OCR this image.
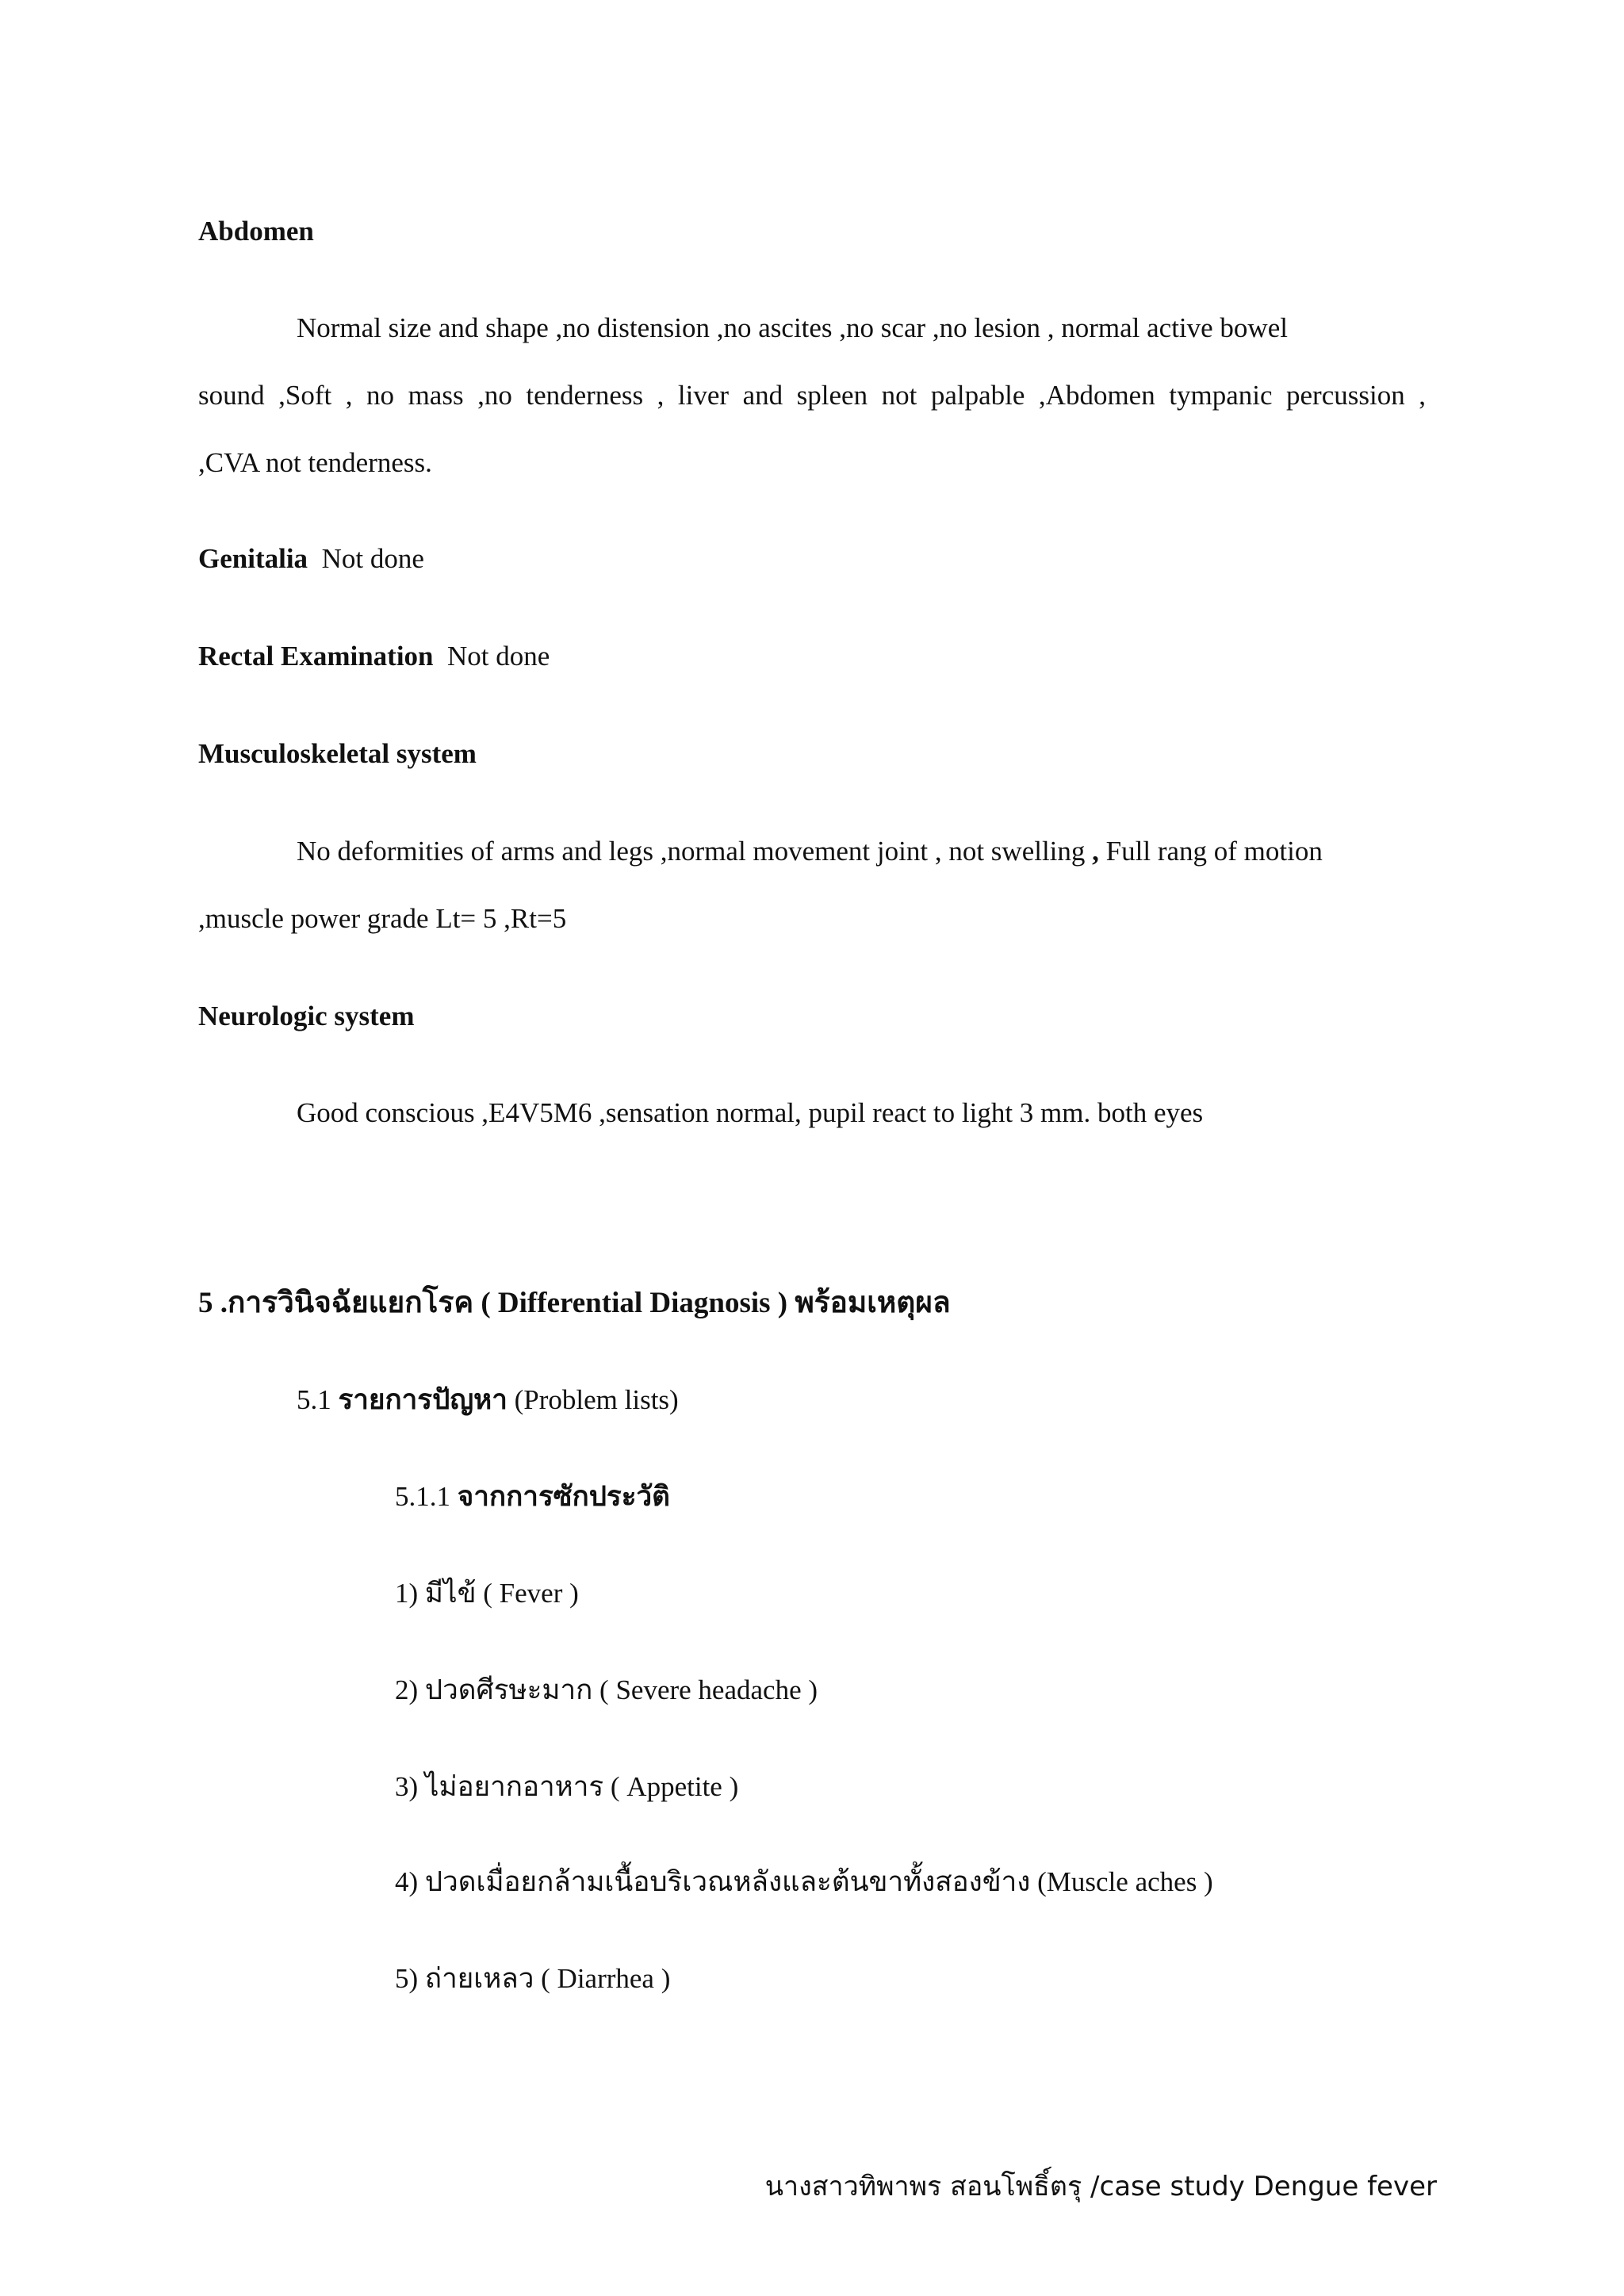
Abdomen
Normal size and shape ,no distension ,no ascites ,no scar ,no lesion , normal active bowel
sound ,Soft , no mass ,no tenderness , liver and spleen not palpable ,Abdomen tympanic percussion ,
,CVA not tenderness.
Genitalia Not done
Rectal Examination Not done
Musculoskeletal system
No deformities of arms and legs ,normal movement joint , not swelling , Full rang of motion
,muscle power grade Lt= 5 ,Rt=5
Neurologic system
Good conscious ,E4V5M6 ,sensation normal, pupil react to light 3 mm. both eyes
5 .การวินิจฉัยแยกโรค ( Differential Diagnosis ) พร้อมเหตุผล
5.1 รายการปัญหา (Problem lists)
5.1.1 จากการซักประวัติ
1) มีไข้ ( Fever )
2) ปวดศีรษะมาก ( Severe headache )
3) ไม่อยากอาหาร ( Appetite )
4) ปวดเมื่อยกล้ามเนื้อบริเวณหลังและต้นขาทั้งสองข้าง (Muscle aches )
5) ถ่ายเหลว ( Diarrhea )
นางสาวทิพาพร สอนโพธิ์ตรุ /case study Dengue fever
